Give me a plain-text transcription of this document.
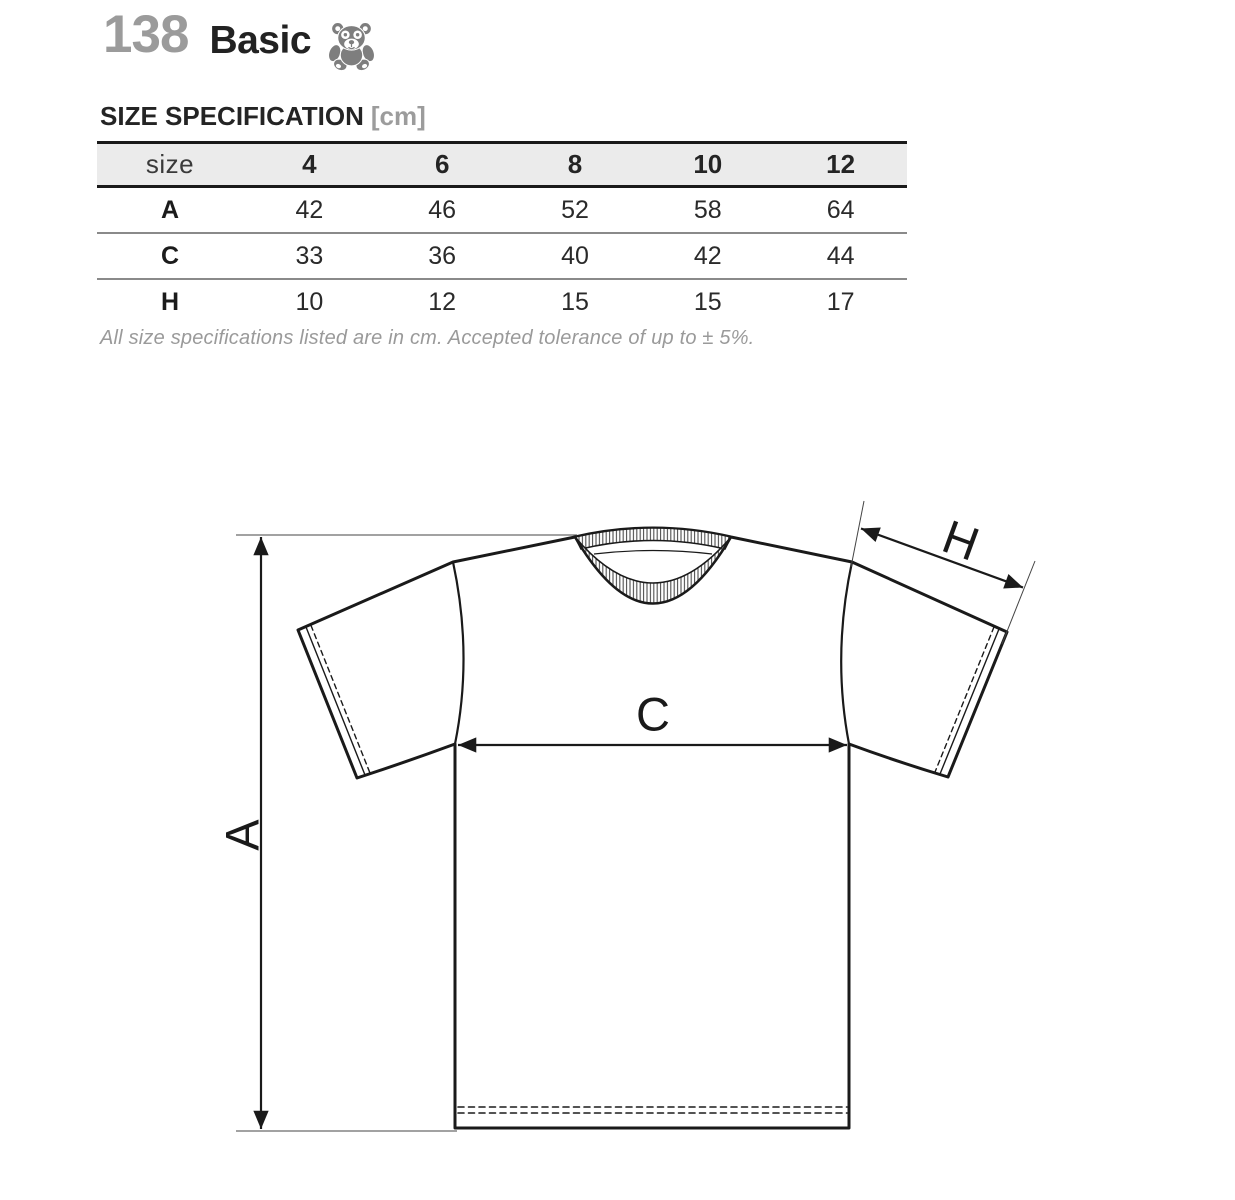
138 Basic
SIZE SPECIFICATION [cm]
size	4	6	8	10	12
A	42	46	52	58	64
C	33	36	40	42	44
H	10	12	15	15	17

All size specifications listed are in cm. Accepted tolerance of up to ± 5%.

A
C
H
